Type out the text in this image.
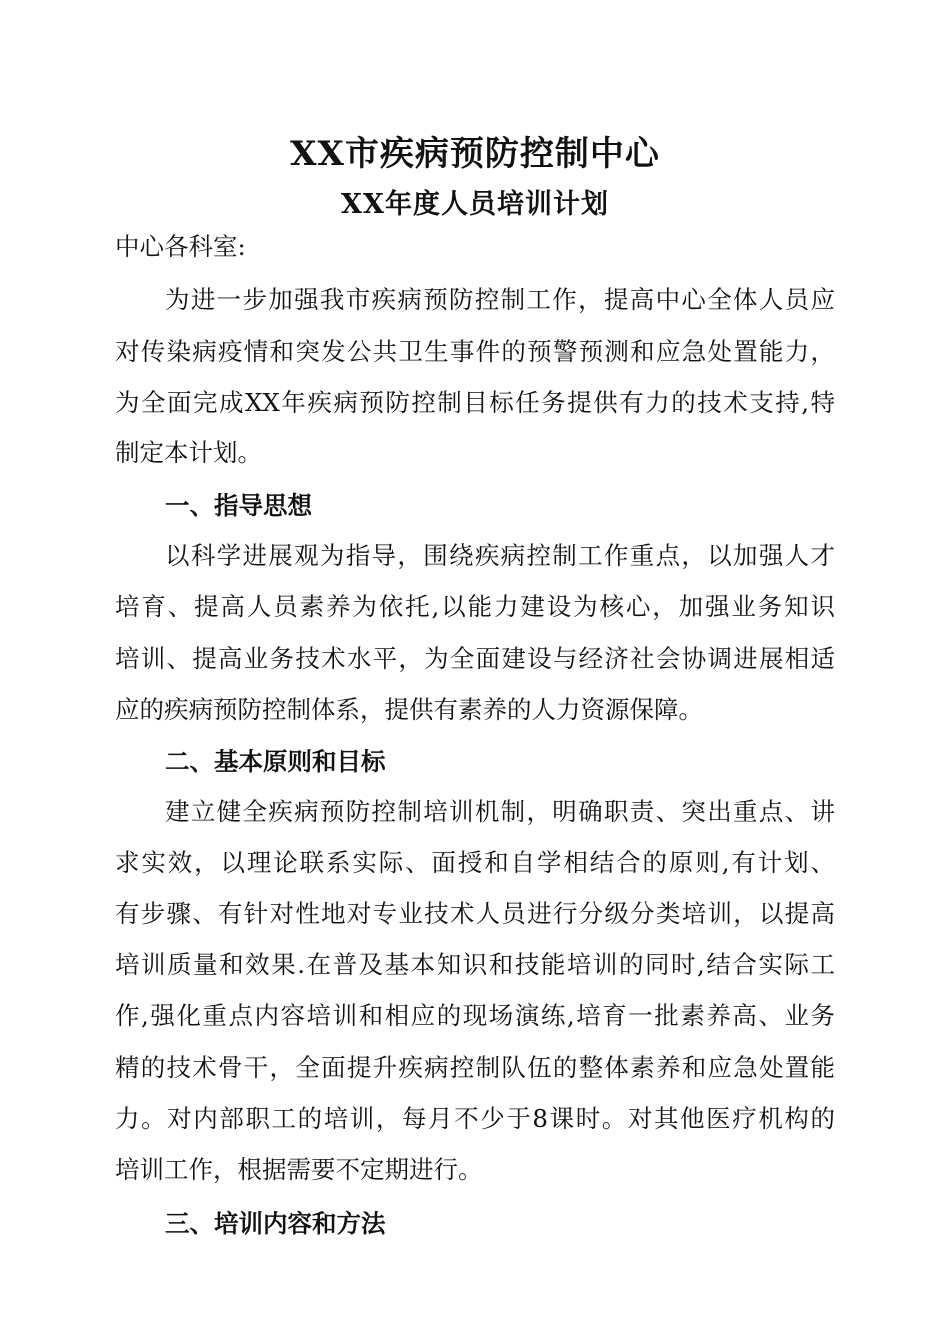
XX市疾病预防控制中心
XX年度人员培训计划
中心各科室:
为进一步加强我市疾病预防控制工作，提高中心全体人员应
对传染病疫情和突发公共卫生事件的预警预测和应急处置能力，
为全面完成XX年疾病预防控制目标任务提供有力的技术支持,特
制定本计划。
一、指导思想
以科学进展观为指导，围绕疾病控制工作重点，以加强人才
培育、提高人员素养为依托,以能力建设为核心，加强业务知识
培训、提高业务技术水平，为全面建设与经济社会协调进展相适
应的疾病预防控制体系，提供有素养的人力资源保障。
二、基本原则和目标
建立健全疾病预防控制培训机制，明确职责、突出重点、讲
求实效，以理论联系实际、面授和自学相结合的原则,有计划、
有步骤、有针对性地对专业技术人员进行分级分类培训，以提高
培训质量和效果.在普及基本知识和技能培训的同时,结合实际工
作,强化重点内容培训和相应的现场演练,培育一批素养高、业务
精的技术骨干，全面提升疾病控制队伍的整体素养和应急处置能
力。对内部职工的培训，每月不少于8课时。对其他医疗机构的
培训工作，根据需要不定期进行。
三、培训内容和方法
